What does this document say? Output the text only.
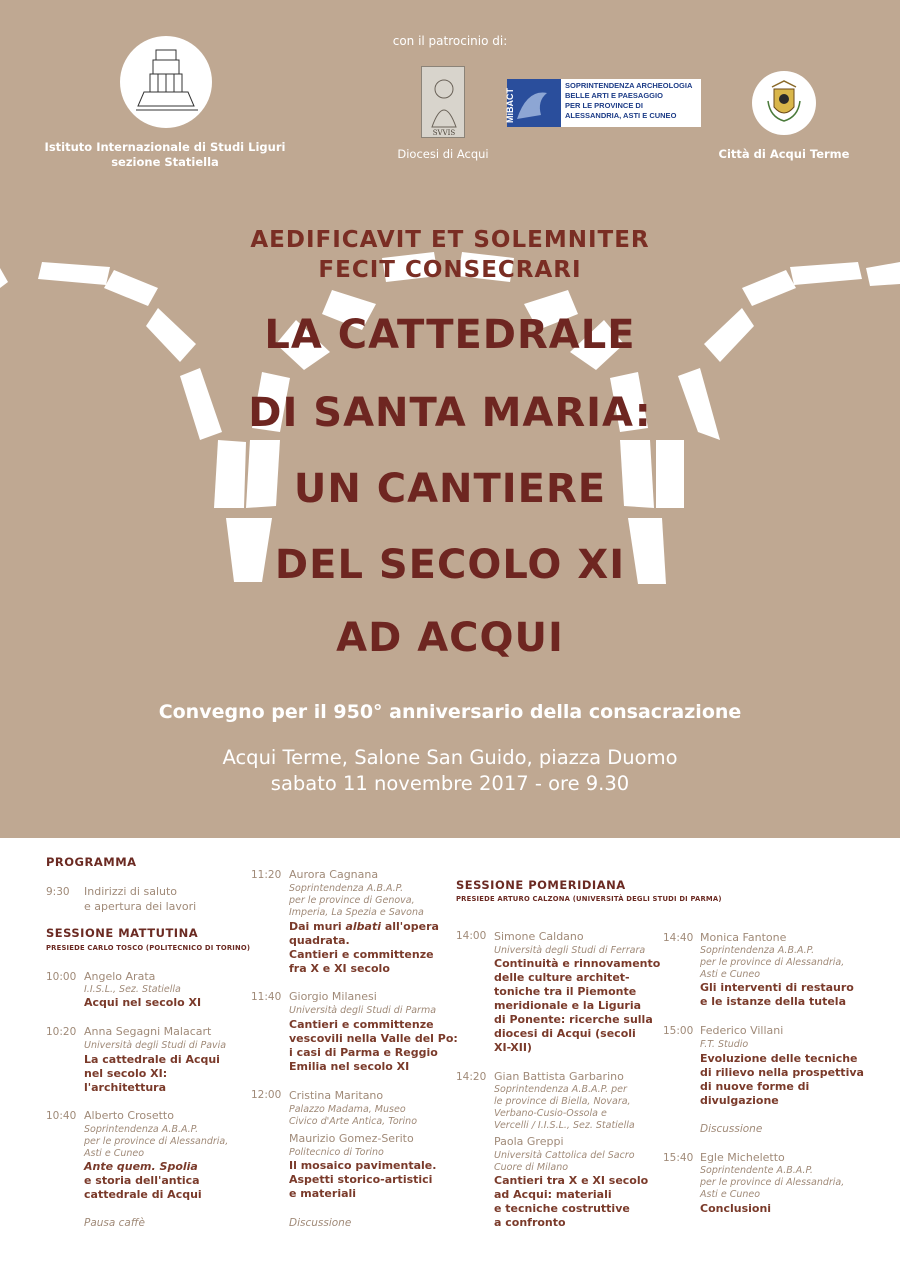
Istituto Internazionale di Studi Liguri
sezione Statiella
con il patrocinio di:
SVVIS
Diocesi di Acqui
MiBACT
SOPRINTENDENZA ARCHEOLOGIA
BELLE ARTI E PAESAGGIO
PER LE PROVINCE DI
ALESSANDRIA, ASTI E CUNEO
Città di Acqui Terme
AEDIFICAVIT ET SOLEMNITER
FECIT CONSECRARI
LA CATTEDRALE
DI SANTA MARIA:
UN CANTIERE
DEL SECOLO XI
AD ACQUI
Convegno per il 950° anniversario della consacrazione
Acqui Terme, Salone San Guido, piazza Duomo
sabato 11 novembre 2017 - ore 9.30
PROGRAMMA
9:30 Indirizzi di saluto
e apertura dei lavori
SESSIONE MATTUTINA
PRESIEDE CARLO TOSCO (POLITECNICO DI TORINO)
10:00 Angelo Arata
I.I.S.L., Sez. Statiella
Acqui nel secolo XI
10:20 Anna Segagni Malacart
Università degli Studi di Pavia
La cattedrale di Acqui
nel secolo XI:
l'architettura
10:40 Alberto Crosetto
Soprintendenza A.B.A.P.
per le province di Alessandria,
Asti e Cuneo
Ante quem. Spolia
e storia dell'antica
cattedrale di Acqui
Pausa caffè
11:20 Aurora Cagnana
Soprintendenza A.B.A.P.
per le province di Genova,
Imperia, La Spezia e Savona
Dai muri albati all'opera
quadrata.
Cantieri e committenze
fra X e XI secolo
11:40 Giorgio Milanesi
Università degli Studi di Parma
Cantieri e committenze
vescovili nella Valle del Po:
i casi di Parma e Reggio
Emilia nel secolo XI
12:00 Cristina Maritano
Palazzo Madama, Museo
Civico d'Arte Antica, Torino
Maurizio Gomez-Serito
Politecnico di Torino
Il mosaico pavimentale.
Aspetti storico-artistici
e materiali
Discussione
SESSIONE POMERIDIANA
PRESIEDE ARTURO CALZONA (UNIVERSITÀ DEGLI STUDI DI PARMA)
14:00 Simone Caldano
Università degli Studi di Ferrara
Continuità e rinnovamento
delle culture architet-
toniche tra il Piemonte
meridionale e la Liguria
di Ponente: ricerche sulla
diocesi di Acqui (secoli
XI-XII)
14:20 Gian Battista Garbarino
Soprintendenza A.B.A.P. per
le province di Biella, Novara,
Verbano-Cusio-Ossola e
Vercelli / I.I.S.L., Sez. Statiella
Paola Greppi
Università Cattolica del Sacro
Cuore di Milano
Cantieri tra X e XI secolo
ad Acqui: materiali
e tecniche costruttive
a confronto
14:40 Monica Fantone
Soprintendenza A.B.A.P.
per le province di Alessandria,
Asti e Cuneo
Gli interventi di restauro
e le istanze della tutela
15:00 Federico Villani
F.T. Studio
Evoluzione delle tecniche
di rilievo nella prospettiva
di nuove forme di
divulgazione
Discussione
15:40 Egle Micheletto
Soprintendente A.B.A.P.
per le province di Alessandria,
Asti e Cuneo
Conclusioni
